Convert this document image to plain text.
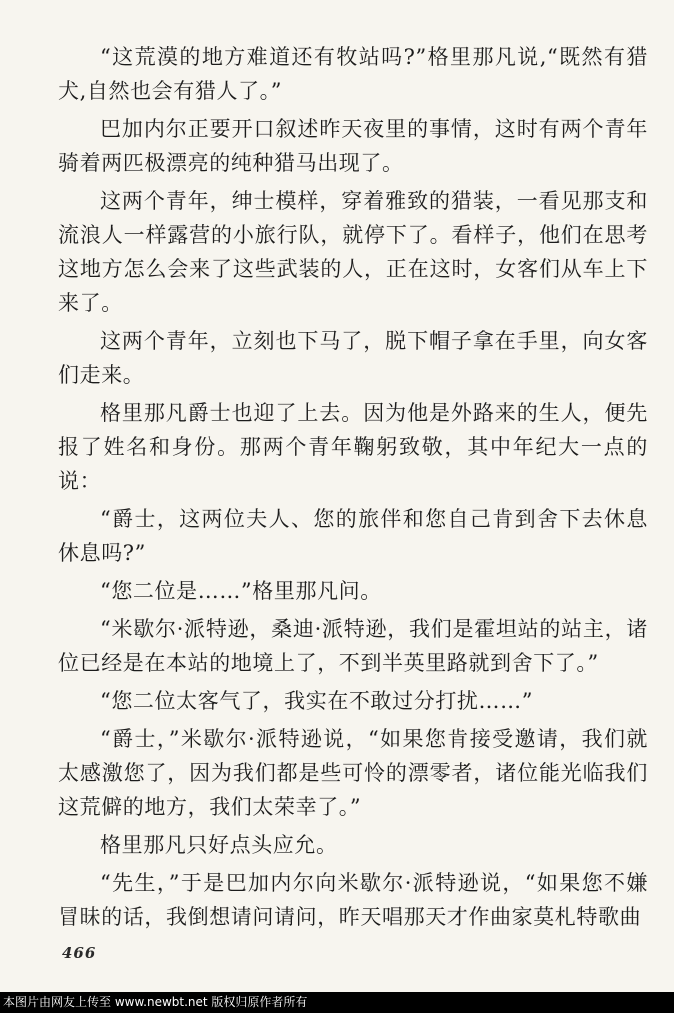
“这荒漠的地方难道还有牧站吗?”格里那凡说,“既然有猎犬,自然也会有猎人了。”

巴加内尔正要开口叙述昨天夜里的事情，这时有两个青年骑着两匹极漂亮的纯种猎马出现了。

这两个青年，绅士模样，穿着雅致的猎装，一看见那支和流浪人一样露营的小旅行队，就停下了。看样子，他们在思考这地方怎么会来了这些武装的人，正在这时，女客们从车上下来了。

这两个青年，立刻也下马了，脱下帽子拿在手里，向女客们走来。

格里那凡爵士也迎了上去。因为他是外路来的生人，便先报了姓名和身份。那两个青年鞠躬致敬，其中年纪大一点的说：

“爵士，这两位夫人、您的旅伴和您自己肯到舍下去休息休息吗?”

“您二位是……”格里那凡问。

“米歇尔·派特逊，桑迪·派特逊，我们是霍坦站的站主，诸位已经是在本站的地境上了，不到半英里路就到舍下了。”

“您二位太客气了，我实在不敢过分打扰……”

“爵士，”米歇尔·派特逊说，“如果您肯接受邀请，我们就太感激您了，因为我们都是些可怜的漂零者，诸位能光临我们这荒僻的地方，我们太荣幸了。”

格里那凡只好点头应允。

“先生，”于是巴加内尔向米歇尔·派特逊说，“如果您不嫌冒昧的话，我倒想请问请问，昨天唱那天才作曲家莫札特歌曲

466
本图片由网友上传至 www.newbt.net 版权归原作者所有
